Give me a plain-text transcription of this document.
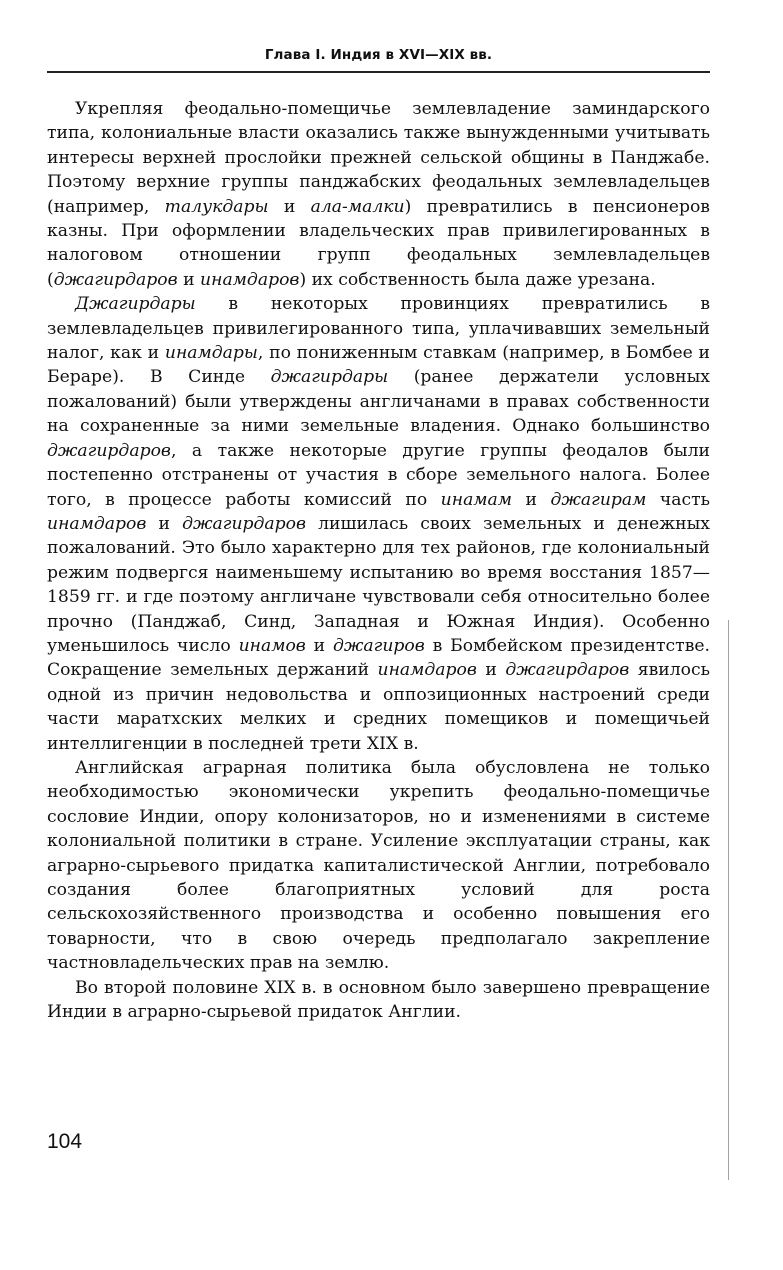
Глава I. Индия в XVI—XIX вв.

Укрепляя феодально-помещичье землевладение заминдарского типа, колониальные власти оказались также вынужденными учитывать интересы верхней прослойки прежней сельской общины в Панджабе. Поэтому верхние группы панджабских феодальных землевладельцев (например, талукдары и ала-малки) превратились в пенсионеров казны. При оформлении владельческих прав привилегированных в налоговом отношении групп феодальных землевладельцев (джагирдаров и инамдаров) их собственность была даже урезана.

Джагирдары в некоторых провинциях превратились в землевладельцев привилегированного типа, уплачивавших земельный налог, как и инамдары, по пониженным ставкам (например, в Бомбее и Бераре). В Синде джагирдары (ранее держатели условных пожалований) были утверждены англичанами в правах собственности на сохраненные за ними земельные владения. Однако большинство джагирдаров, а также некоторые другие группы феодалов были постепенно отстранены от участия в сборе земельного налога. Более того, в процессе работы комиссий по инамам и джагирам часть инамдаров и джагирдаров лишилась своих земельных и денежных пожалований. Это было характерно для тех районов, где колониальный режим подвергся наименьшему испытанию во время восстания 1857—1859 гг. и где поэтому англичане чувствовали себя относительно более прочно (Панджаб, Синд, Западная и Южная Индия). Особенно уменьшилось число инамов и джагиров в Бомбейском президентстве. Сокращение земельных держаний инамдаров и джагирдаров явилось одной из причин недовольства и оппозиционных настроений среди части маратхских мелких и средних помещиков и помещичьей интеллигенции в последней трети XIX в.

Английская аграрная политика была обусловлена не только необходимостью экономически укрепить феодально-помещичье сословие Индии, опору колонизаторов, но и изменениями в системе колониальной политики в стране. Усиление эксплуатации страны, как аграрно-сырьевого придатка капиталистической Англии, потребовало создания более благоприятных условий для роста сельскохозяйственного производства и особенно повышения его товарности, что в свою очередь предполагало закрепление частновладельческих прав на землю.

Во второй половине XIX в. в основном было завершено превращение Индии в аграрно-сырьевой придаток Англии.

104
